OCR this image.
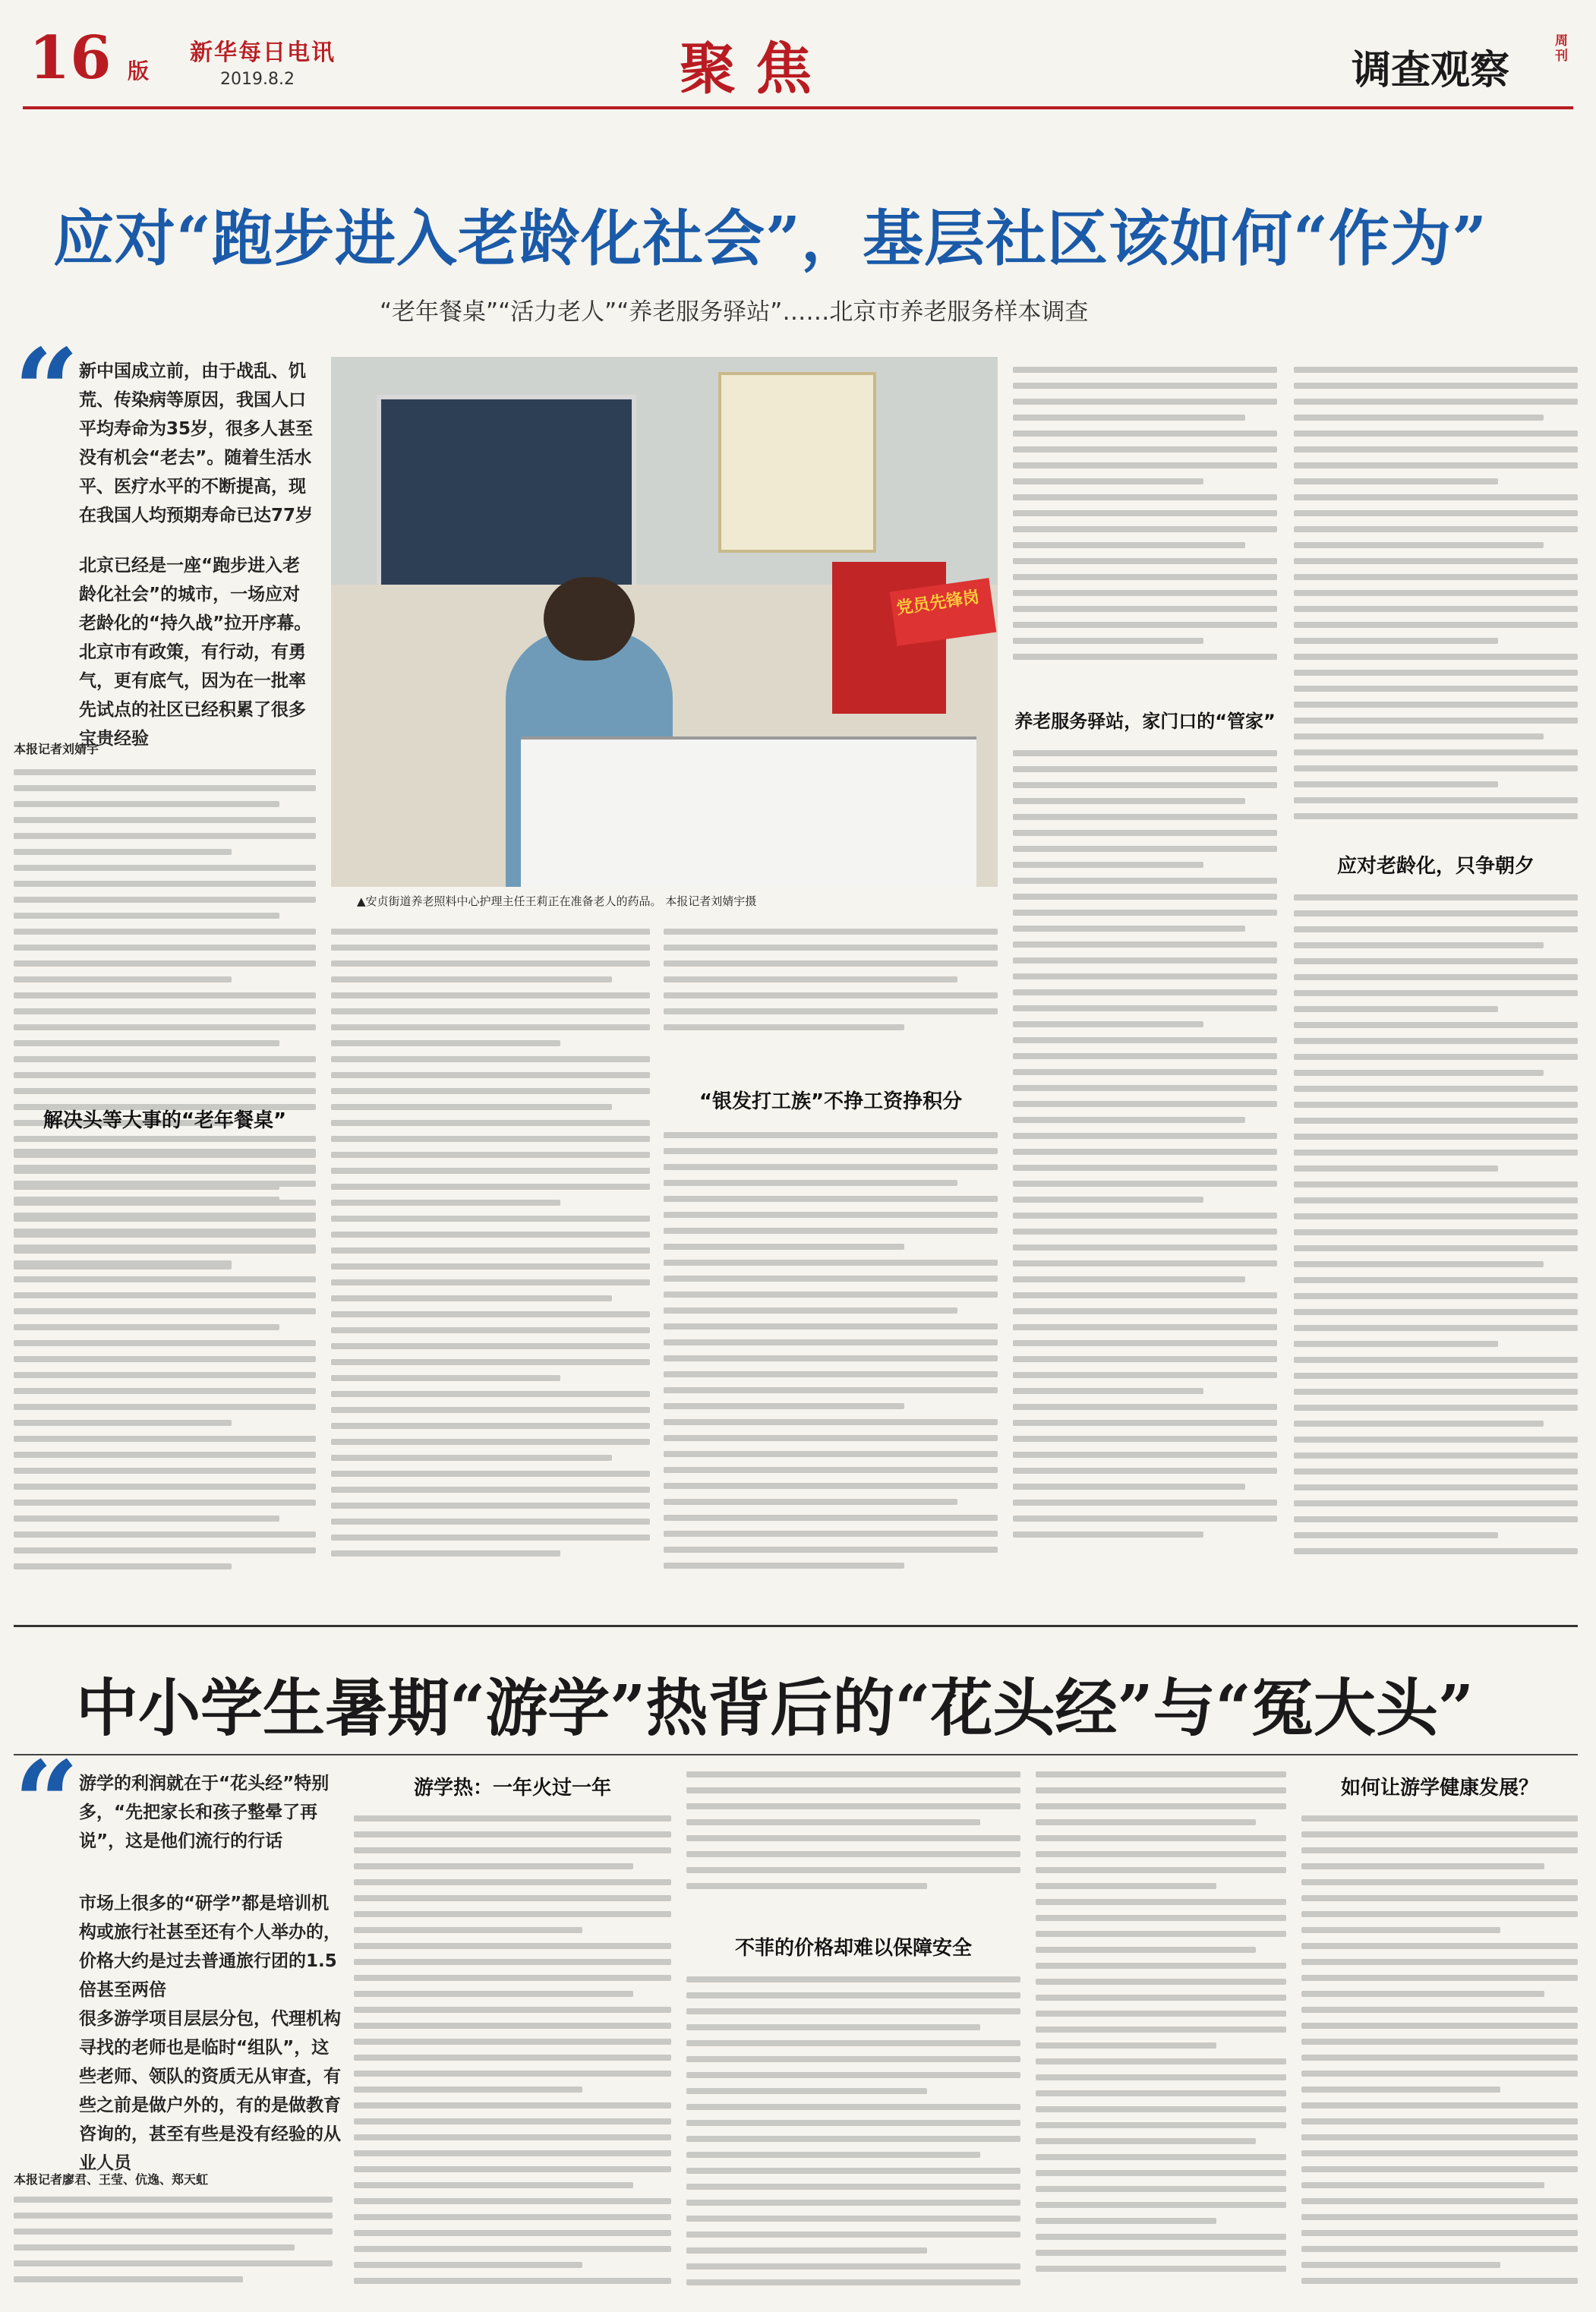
16 版
新华每日电讯
2019.8.2	聚焦	调查观察
周刊
应对“跑步进入老龄化社会”，基层社区该如何“作为”
“老年餐桌”“活力老人”“养老服务驿站”……北京市养老服务样本调查
“ 新中国成立前，由于战乱、饥荒、传染病等原因，我国人口平均寿命为35岁，很多人甚至没有机会“老去”。随着生活水平、医疗水平的不断提高，现在我国人均预期寿命已达77岁
北京已经是一座“跑步进入老龄化社会”的城市，一场应对老龄化的“持久战”拉开序幕。北京市有政策，有行动，有勇气，更有底气，因为在一批率先试点的社区已经积累了很多宝贵经验
本报记者刘婧宇
党员先锋岗
▲安贞街道养老照料中心护理主任王莉正在准备老人的药品。 本报记者刘婧宇摄
解决头等大事的“老年餐桌”
“银发打工族”不挣工资挣积分
养老服务驿站，家门口的“管家”
应对老龄化，只争朝夕
中小学生暑期“游学”热背后的“花头经”与“冤大头”
“ 游学的利润就在于“花头经”特别多，“先把家长和孩子整晕了再说”，这是他们流行的行话
市场上很多的“研学”都是培训机构或旅行社甚至还有个人举办的，价格大约是过去普通旅行团的1.5倍甚至两倍
很多游学项目层层分包，代理机构寻找的老师也是临时“组队”，这些老师、领队的资质无从审查，有些之前是做户外的，有的是做教育咨询的，甚至有些是没有经验的从业人员
本报记者廖君、王莹、伉逸、郑天虹
游学热：一年火过一年
不菲的价格却难以保障安全
如何让游学健康发展？
